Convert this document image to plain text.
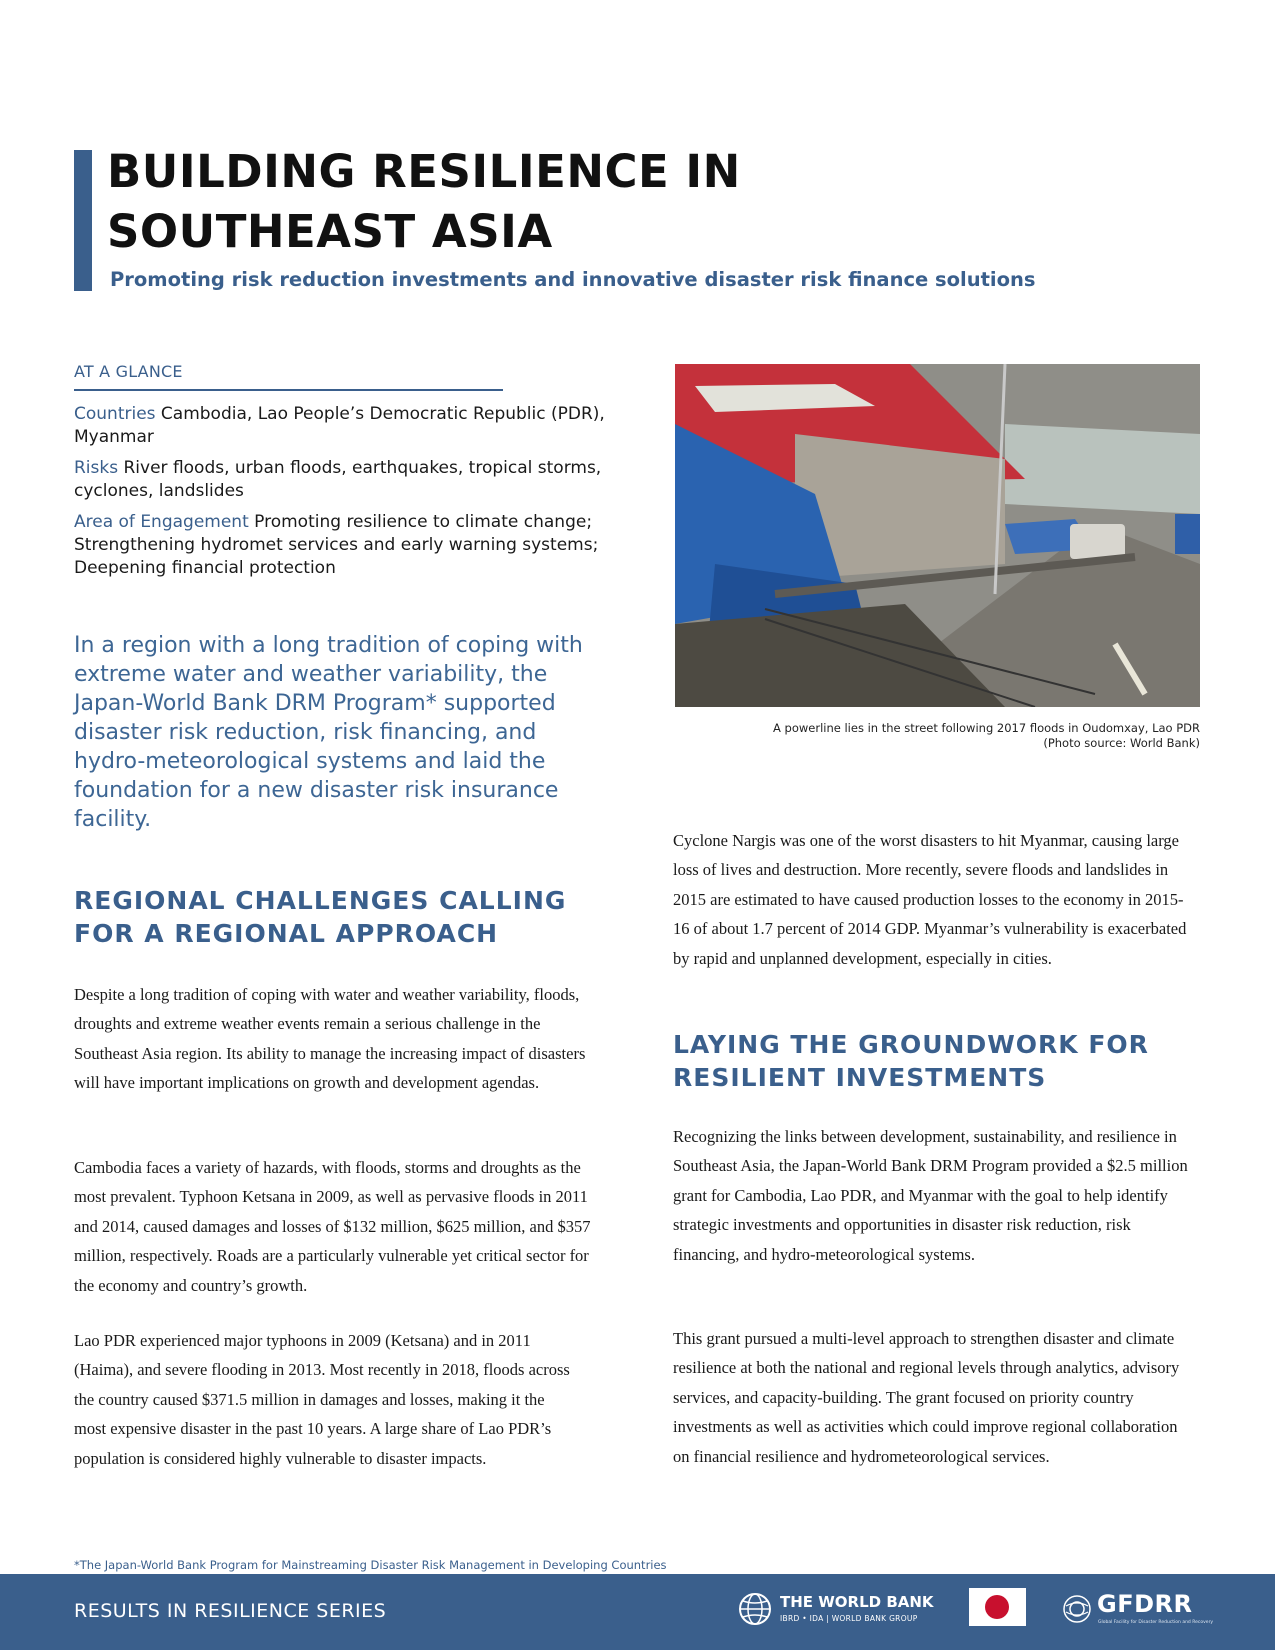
BUILDING RESILIENCE IN
SOUTHEAST ASIA
Promoting risk reduction investments and innovative disaster risk finance solutions
AT A GLANCE
Countries Cambodia, Lao People’s Democratic Republic (PDR), Myanmar
Risks River floods, urban floods, earthquakes, tropical storms, cyclones, landslides
Area of Engagement Promoting resilience to climate change; Strengthening hydromet services and early warning systems; Deepening financial protection
In a region with a long tradition of coping with extreme water and weather variability, the Japan-World Bank DRM Program* supported disaster risk reduction, risk financing, and hydro-meteorological systems and laid the foundation for a new disaster risk insurance facility.
A powerline lies in the street following 2017 floods in Oudomxay, Lao PDR
(Photo source: World Bank)
REGIONAL CHALLENGES CALLING
FOR A REGIONAL APPROACH

Despite a long tradition of coping with water and weather variability, floods, droughts and extreme weather events remain a serious challenge in the Southeast Asia region. Its ability to manage the increasing impact of disasters will have important implications on growth and development agendas.

Cambodia faces a variety of hazards, with floods, storms and droughts as the most prevalent. Typhoon Ketsana in 2009, as well as pervasive floods in 2011 and 2014, caused damages and losses of $132 million, $625 million, and $357 million, respectively. Roads are a particularly vulnerable yet critical sector for the economy and country’s growth.

Lao PDR experienced major typhoons in 2009 (Ketsana) and in 2011 (Haima), and severe flooding in 2013. Most recently in 2018, floods across the country caused $371.5 million in damages and losses, making it the most expensive disaster in the past 10 years. A large share of Lao PDR’s population is considered highly vulnerable to disaster impacts.

Cyclone Nargis was one of the worst disasters to hit Myanmar, causing large loss of lives and destruction. More recently, severe floods and landslides in 2015 are estimated to have caused production losses to the economy in 2015-16 of about 1.7 percent of 2014 GDP. Myanmar’s vulnerability is exacerbated by rapid and unplanned development, especially in cities.

LAYING THE GROUNDWORK FOR
RESILIENT INVESTMENTS

Recognizing the links between development, sustainability, and resilience in Southeast Asia, the Japan-World Bank DRM Program provided a $2.5 million grant for Cambodia, Lao PDR, and Myanmar with the goal to help identify strategic investments and opportunities in disaster risk reduction, risk financing, and hydro-meteorological systems.

This grant pursued a multi-level approach to strengthen disaster and climate resilience at both the national and regional levels through analytics, advisory services, and capacity-building. The grant focused on priority country investments as well as activities which could improve regional collaboration on financial resilience and hydrometeorological services.

*The Japan-World Bank Program for Mainstreaming Disaster Risk Management in Developing Countries
RESULTS IN RESILIENCE SERIES	THE WORLD BANK
IBRD • IDA | WORLD BANK GROUP
GFDRR
Global Facility for Disaster Reduction and Recovery
